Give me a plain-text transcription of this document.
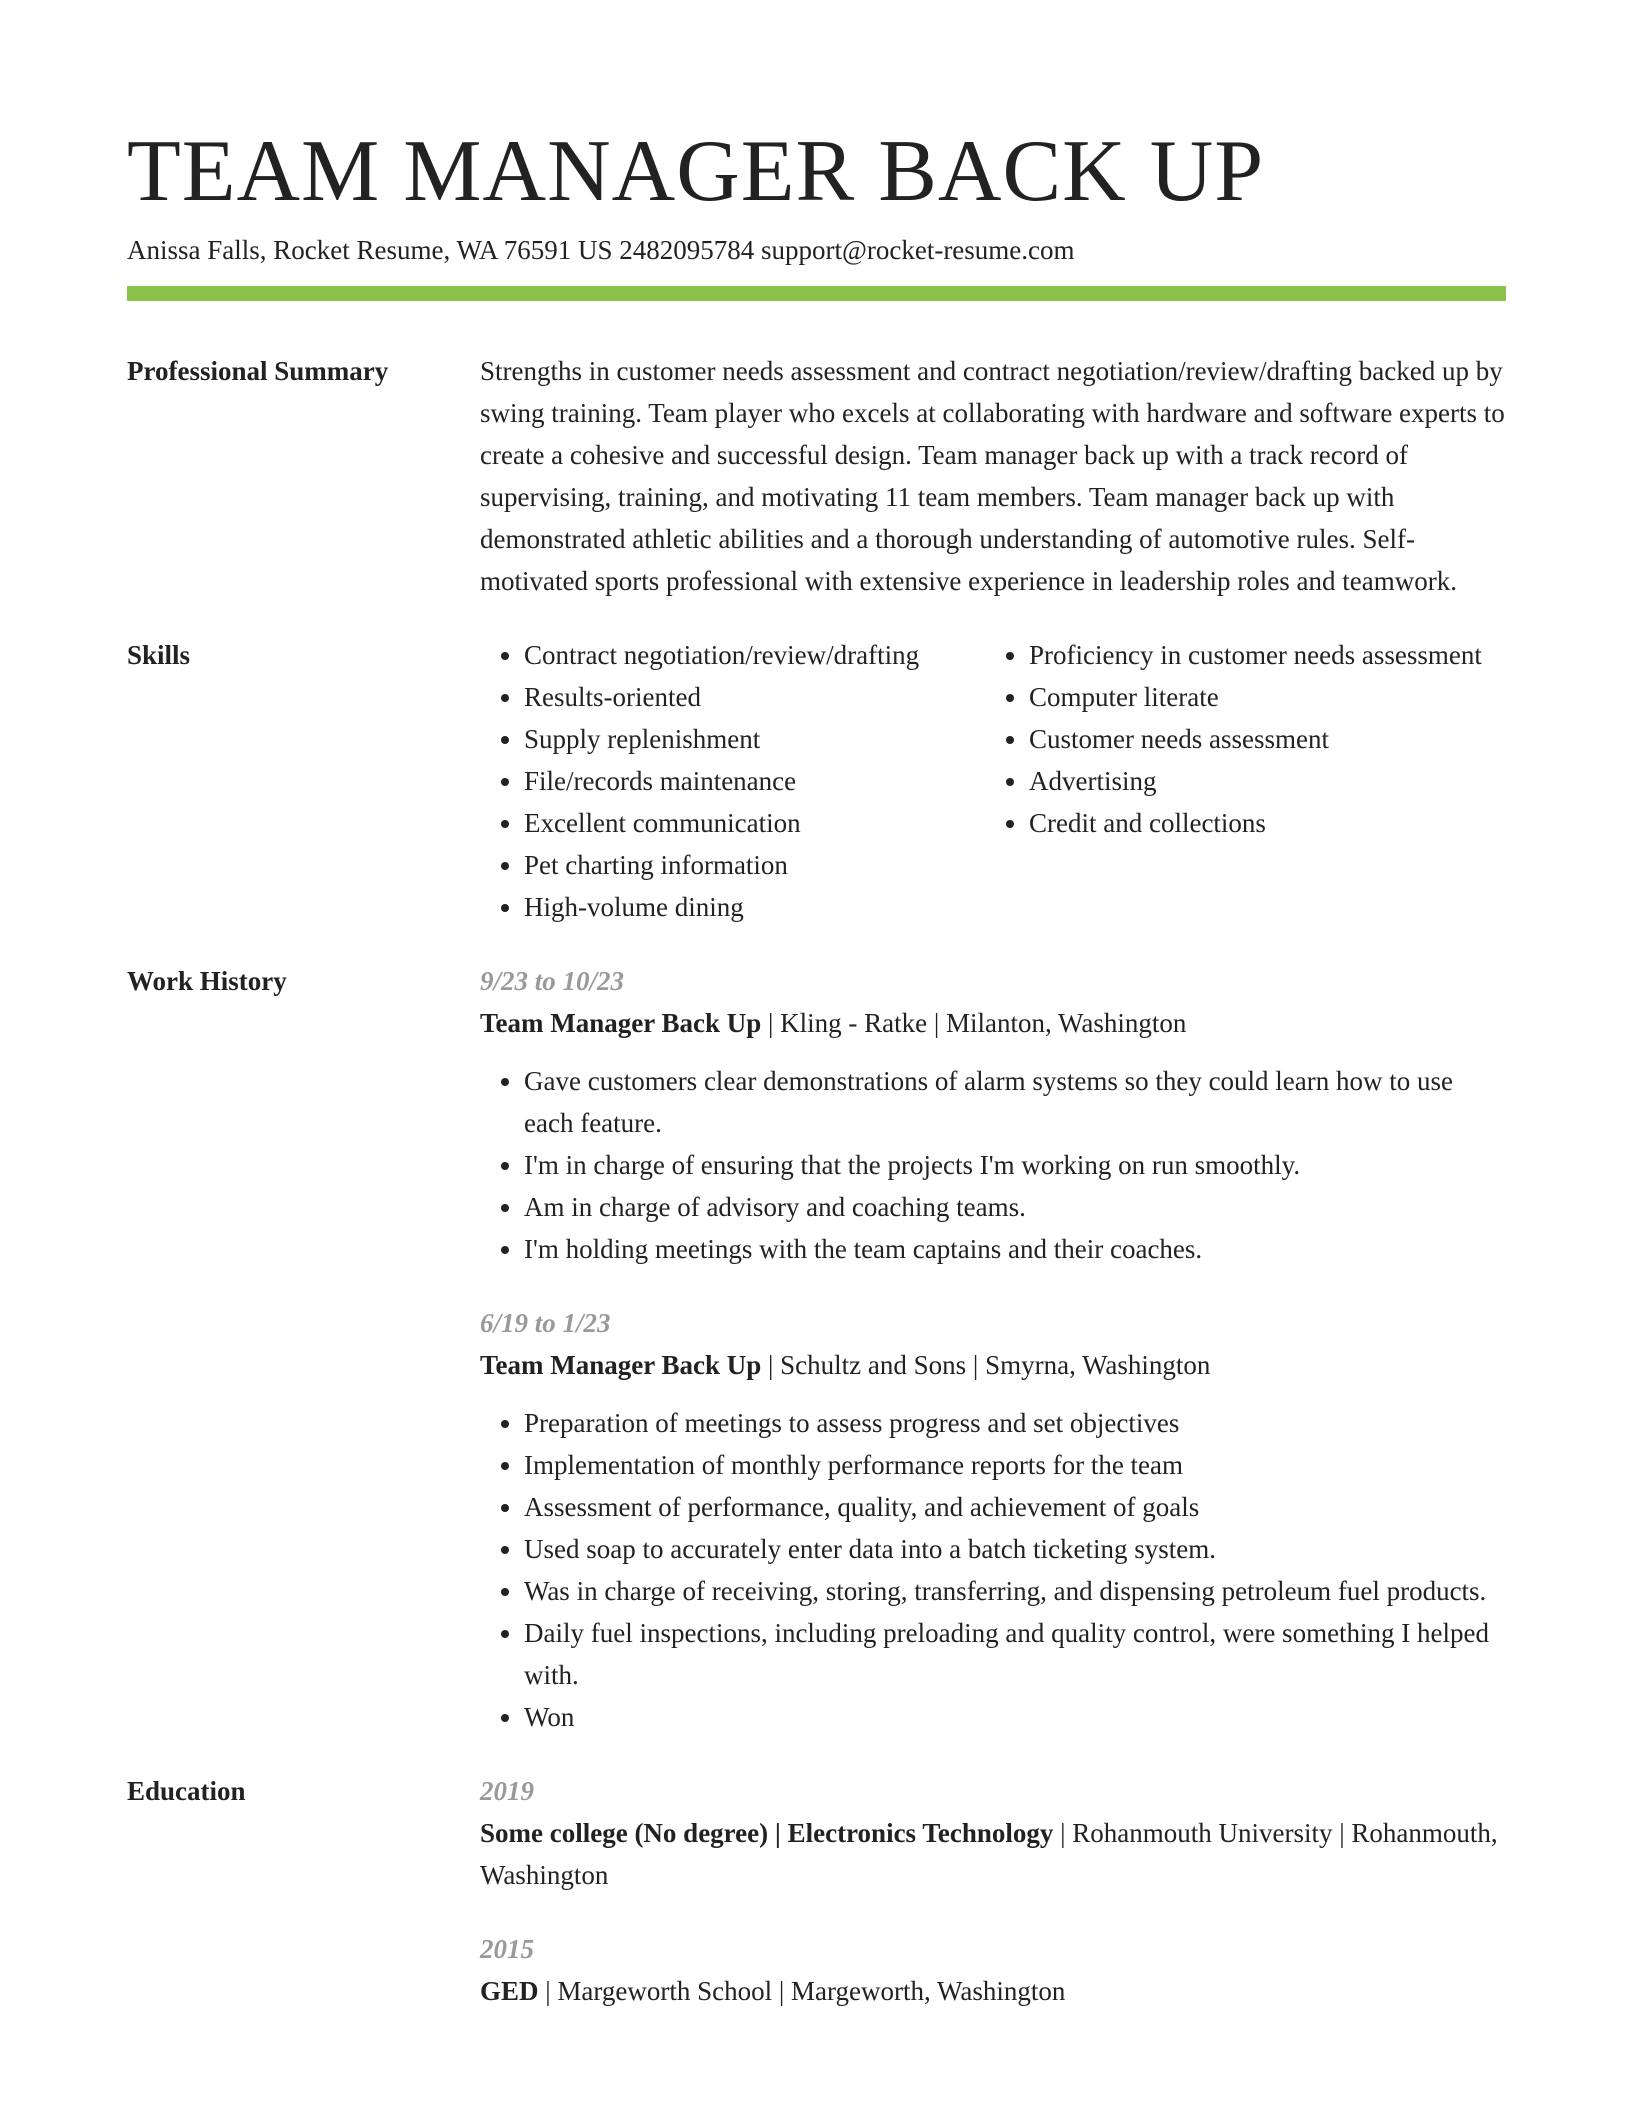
TEAM MANAGER BACK UP
Anissa Falls, Rocket Resume, WA 76591 US 2482095784 support@rocket-resume.com
Professional Summary	Strengths in customer needs assessment and contract negotiation/review/drafting backed up by swing training. Team player who excels at collaborating with hardware and software experts to create a cohesive and successful design. Team manager back up with a track record of supervising, training, and motivating 11 team members. Team manager back up with demonstrated athletic abilities and a thorough understanding of automotive rules. Self-motivated sports professional with extensive experience in leadership roles and teamwork.

Skills
•	Contract negotiation/review/drafting
• Results-oriented
• Supply replenishment
• File/records maintenance
• Excellent communication
• Pet charting information
• High-volume dining
• Proficiency in customer needs assessment
• Computer literate
• Customer needs assessment
• Advertising
• Credit and collections
Work History	9/23 to 10/23
Team Manager Back Up | Kling - Ratke | Milanton, Washington
• Gave customers clear demonstrations of alarm systems so they could learn how to use each feature.
• I'm in charge of ensuring that the projects I'm working on run smoothly.
• Am in charge of advisory and coaching teams.
• I'm holding meetings with the team captains and their coaches.
6/19 to 1/23
Team Manager Back Up | Schultz and Sons | Smyrna, Washington
• Preparation of meetings to assess progress and set objectives
• Implementation of monthly performance reports for the team
• Assessment of performance, quality, and achievement of goals
• Used soap to accurately enter data into a batch ticketing system.
• Was in charge of receiving, storing, transferring, and dispensing petroleum fuel products.
• Daily fuel inspections, including preloading and quality control, were something I helped with.
• Won
Education	2019
Some college (No degree) | Electronics Technology | Rohanmouth University | Rohanmouth, Washington
2015
GED | Margeworth School | Margeworth, Washington
